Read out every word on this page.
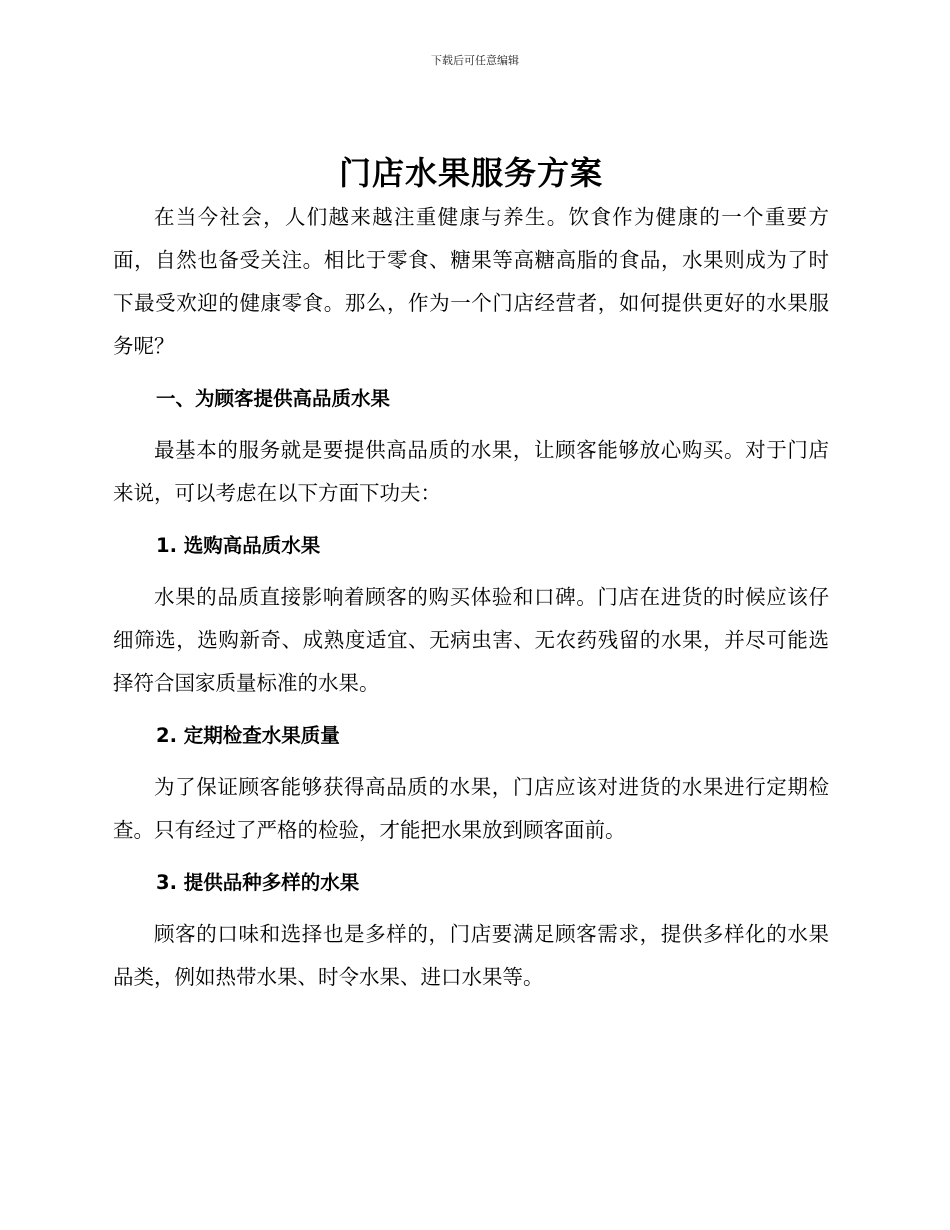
下载后可任意编辑
门店水果服务方案

在当今社会，人们越来越注重健康与养生。饮食作为健康的一个重要方面，自然也备受关注。相比于零食、糖果等高糖高脂的食品，水果则成为了时下最受欢迎的健康零食。那么，作为一个门店经营者，如何提供更好的水果服务呢？

一、为顾客提供高品质水果

最基本的服务就是要提供高品质的水果，让顾客能够放心购买。对于门店来说，可以考虑在以下方面下功夫：

1. 选购高品质水果

水果的品质直接影响着顾客的购买体验和口碑。门店在进货的时候应该仔细筛选，选购新奇、成熟度适宜、无病虫害、无农药残留的水果，并尽可能选择符合国家质量标准的水果。

2. 定期检查水果质量

为了保证顾客能够获得高品质的水果，门店应该对进货的水果进行定期检查。只有经过了严格的检验，才能把水果放到顾客面前。

3. 提供品种多样的水果

顾客的口味和选择也是多样的，门店要满足顾客需求，提供多样化的水果品类，例如热带水果、时令水果、进口水果等。
